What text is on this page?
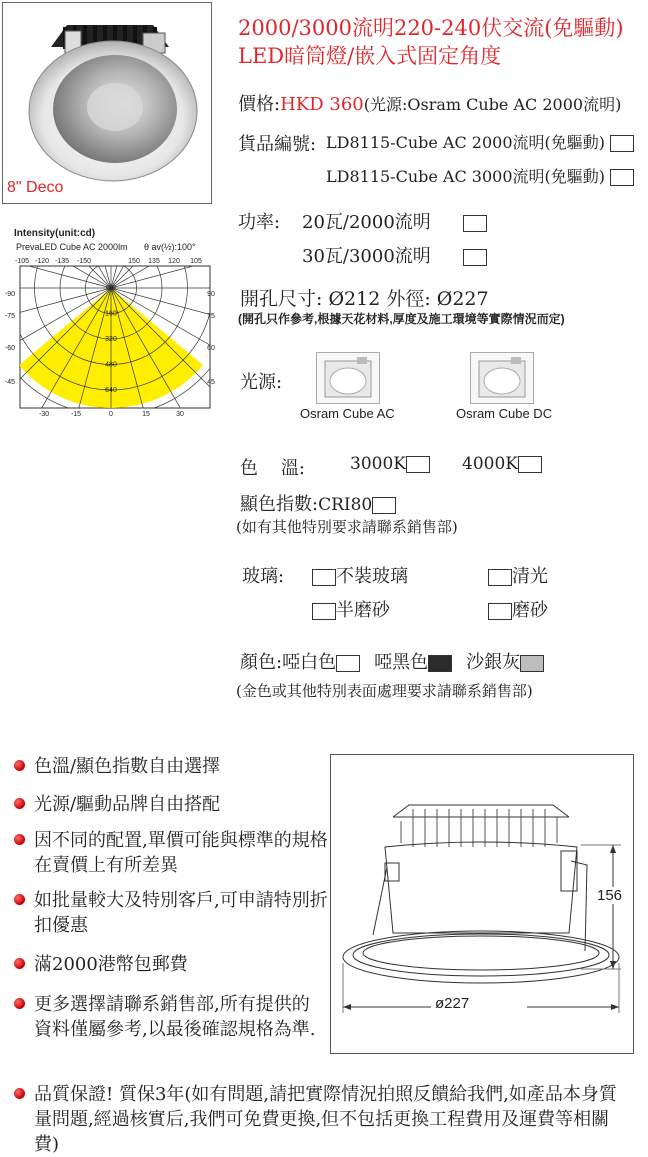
8" Deco
Intensity(unit:cd)
PrevaLED Cube AC 2000lm θ av(½):100°
-105 -120 -135 -150	150 135 120 105
-90
-75
-60
-45
90
75
60
45
-30	-15	0	15	30
0.0
160
320
480
640
2000/3000流明220-240伏交流(免驅動)
LED暗筒燈/嵌入式固定角度
價格:HKD 360(光源:Osram Cube AC 2000流明)
貨品編號: LD8115-Cube AC 2000流明(免驅動)
LD8115-Cube AC 3000流明(免驅動)
功率: 20瓦/2000流明
30瓦/3000流明
開孔尺寸: Ø212 外徑: Ø227
(開孔只作參考,根據天花材料,厚度及施工環境等實際情況而定)
光源:
Osram Cube AC	Osram Cube DC
色    溫:	3000K	4000K
顯色指數:CRI80
(如有其他特別要求請聯系銷售部)
玻璃:	不裝玻璃	清光
半磨砂	磨砂
顏色:啞白色 啞黑色 沙銀灰
(金色或其他特別表面處理要求請聯系銷售部)
色溫/顯色指數自由選擇
光源/驅動品牌自由搭配
因不同的配置,單價可能與標準的規格在賣價上有所差異
如批量較大及特別客戶,可申請特別折扣優惠
滿2000港幣包郵費
更多選擇請聯系銷售部,所有提供的資料僅屬參考,以最後確認規格為準.
品質保證! 質保3年(如有問題,請把實際情況拍照反饋給我們,如產品本身質量問題,經過核實后,我們可免費更換,但不包括更換工程費用及運費等相關費)
156
ø227
